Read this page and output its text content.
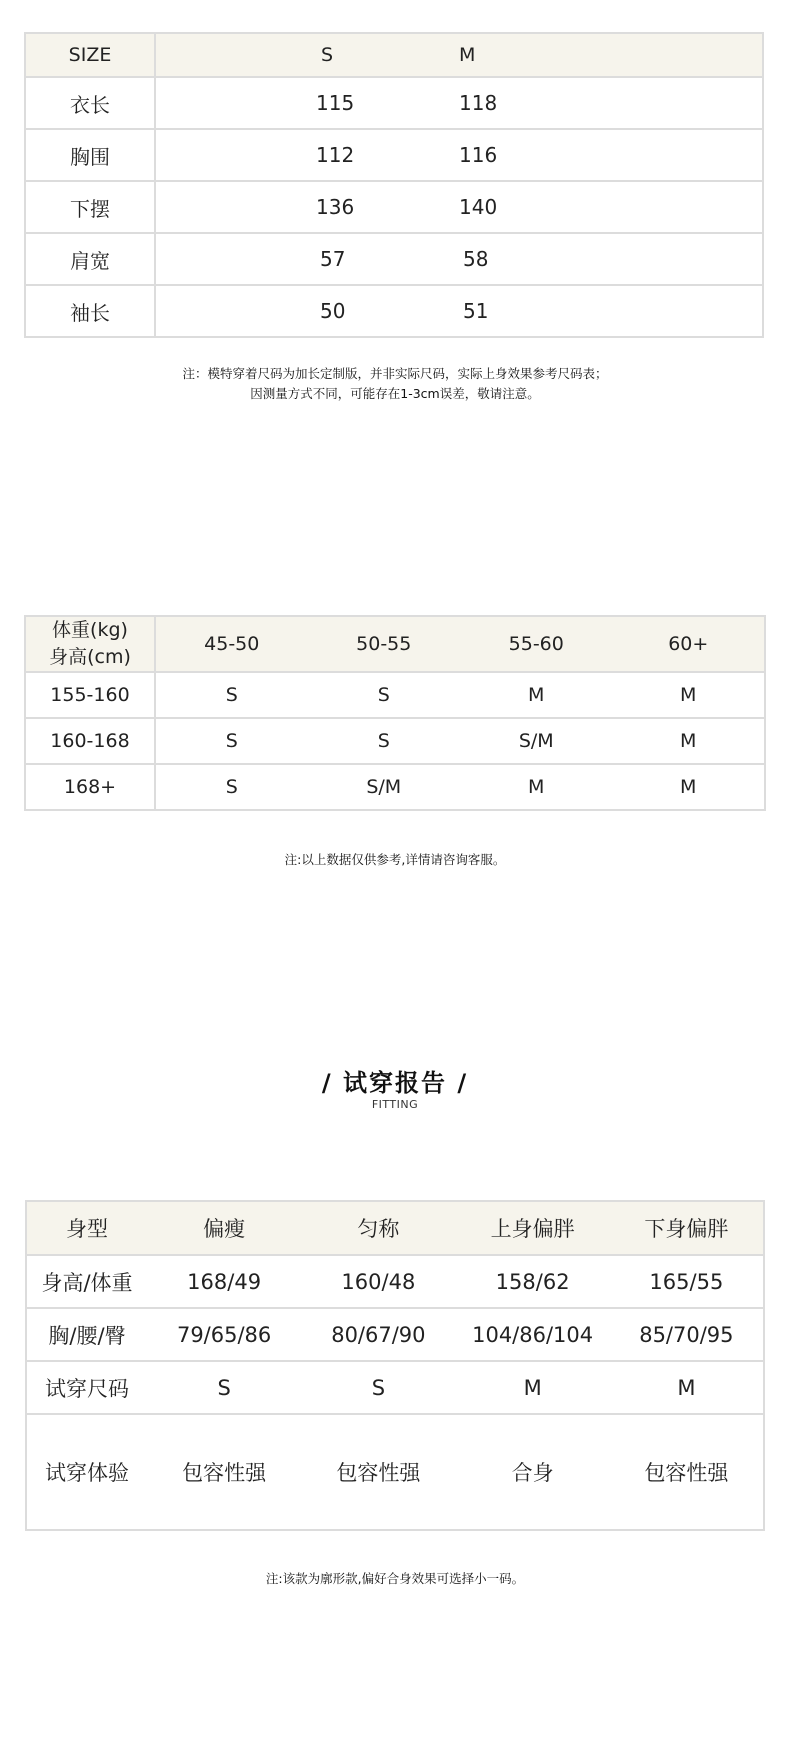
SIZE	S	M
衣长	115	118
胸围	112	116
下摆	136	140
肩宽	57	58
袖长	50	51
注：模特穿着尺码为加长定制版，并非实际尺码，实际上身效果参考尺码表；
因测量方式不同，可能存在1-3cm误差，敬请注意。
体重(kg)
身高(cm)	45-50	50-55	55-60	60+
155-160	S	S	M	M
160-168	S	S	S/M	M
168+	S	S/M	M	M
注:以上数据仅供参考,详情请咨询客服。
/ 试穿报告 /
FITTING
身型	偏瘦	匀称	上身偏胖	下身偏胖
身高/体重	168/49	160/48	158/62	165/55
胸/腰/臀	79/65/86	80/67/90	104/86/104	85/70/95
试穿尺码	S	S	M	M
试穿体验	包容性强	包容性强	合身	包容性强
注:该款为廓形款,偏好合身效果可选择小一码。
